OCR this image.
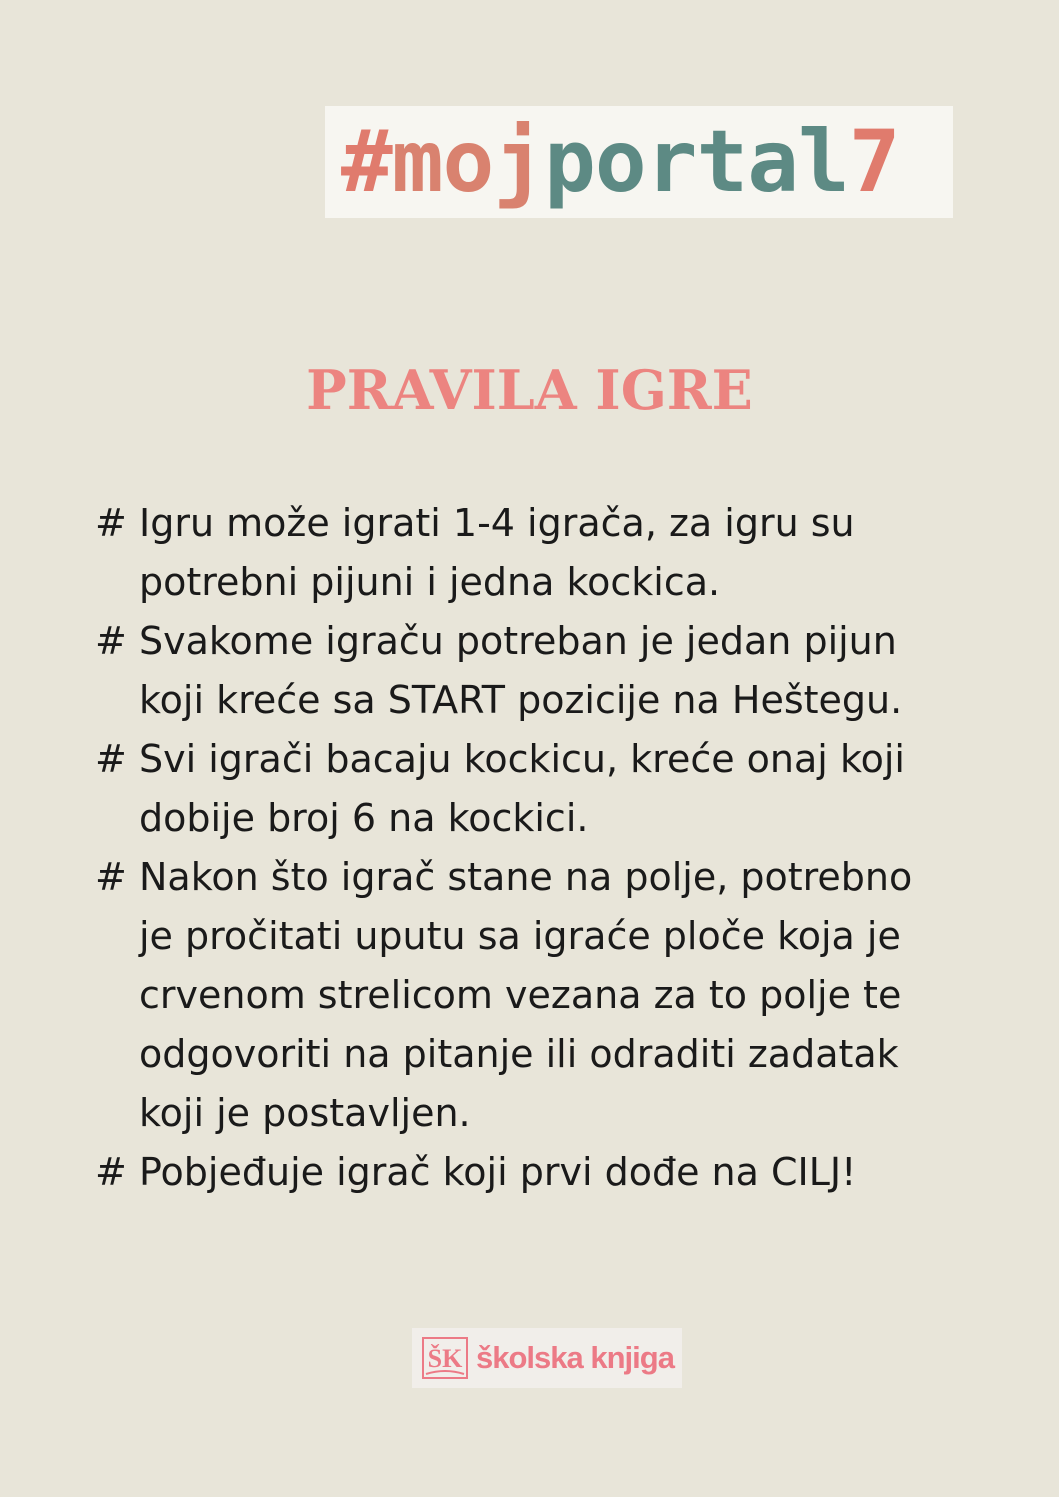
#mojportal7
PRAVILA IGRE
# Igru može igrati 1-4 igrača, za igru su
potrebni pijuni i jedna kockica.
# Svakome igraču potreban je jedan pijun
koji kreće sa START pozicije na Heštegu.
# Svi igrači bacaju kockicu, kreće onaj koji
dobije broj 6 na kockici.
# Nakon što igrač stane na polje, potrebno
je pročitati uputu sa igraće ploče koja je
crvenom strelicom vezana za to polje te
odgovoriti na pitanje ili odraditi zadatak
koji je postavljen.
# Pobjeđuje igrač koji prvi dođe na CILJ!
ŠK školska knjiga
